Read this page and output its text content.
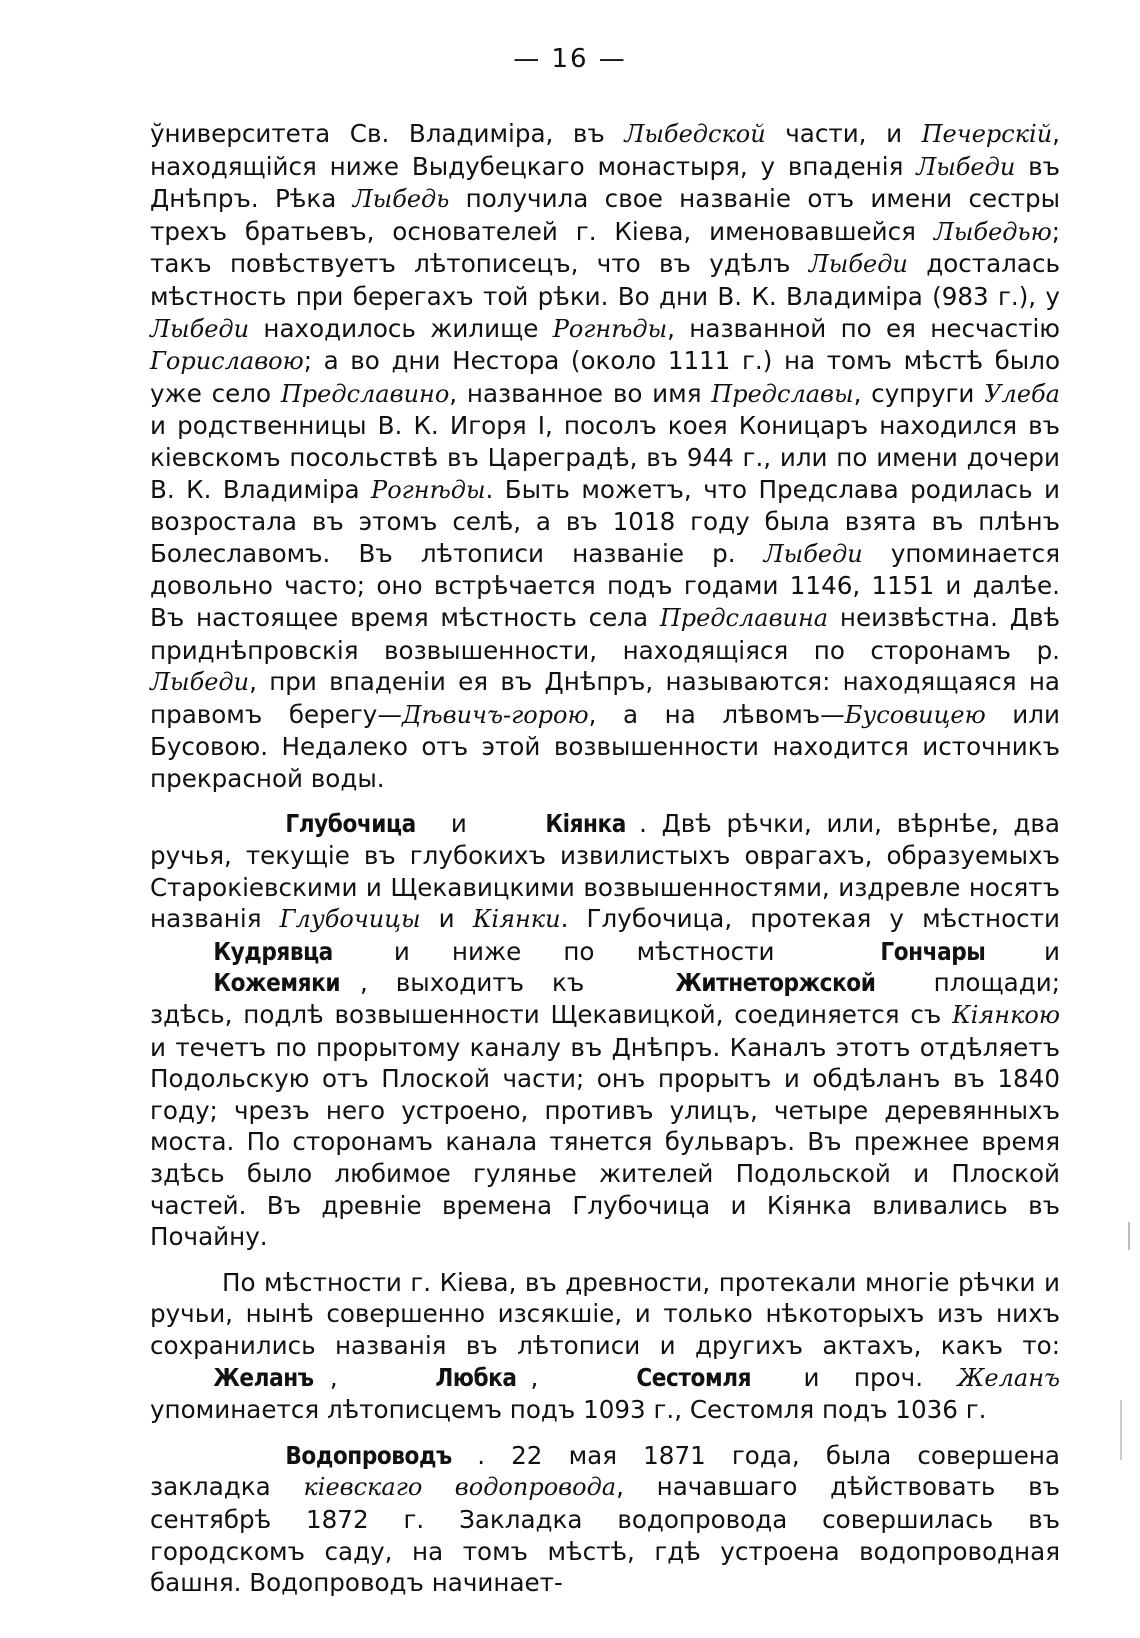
— 16 —

ўниверситета Св. Владиміра, въ Лыбедской части, и Печерскій, находящійся ниже Выдубецкаго монастыря, у впаденія Лыбеди въ Днѣпръ. Рѣка Лыбедь получила свое названіе отъ имени сестры трехъ братьевъ, основателей г. Кіева, именовавшейся Лыбедью; такъ повѣствуетъ лѣтописецъ, что въ удѣлъ Лыбеди досталась мѣстность при берегахъ той рѣки. Во дни В. К. Владиміра (983 г.), у Лыбеди находилось жилище Рогнѣды, названной по ея несчастію Гориславою; а во дни Нестора (около 1111 г.) на томъ мѣстѣ было уже село Предславино, названное во имя Предславы, супруги Улеба и родственницы В. К. Игоря I, посолъ коея Коницаръ находился въ кіевскомъ посольствѣ въ Цареградѣ, въ 944 г., или по имени дочери В. К. Владиміра Рогнѣды. Быть можетъ, что Предслава родилась и возростала въ этомъ селѣ, а въ 1018 году была взята въ плѣнъ Болеславомъ. Въ лѣтописи названіе р. Лыбеди упоминается довольно часто; оно встрѣчается подъ годами 1146, 1151 и далѣе. Въ настоящее время мѣстность села Предславина неизвѣстна. Двѣ приднѣпровскія возвышенности, находящіяся по сторонамъ р. Лыбеди, при впаденіи ея въ Днѣпръ, называются: находящаяся на правомъ берегу—Дѣвичъ-горою, а на лѣвомъ—Бусовицею или Бусовою. Недалеко отъ этой возвышенности находится источникъ прекрасной воды.

Глубочица и	Кіянка . Двѣ рѣчки, или, вѣрнѣе, два ручья, текущіе въ глубокихъ извилистыхъ оврагахъ, образуемыхъ Старокіевскими и Щекавицкими возвышенностями, издревле носятъ названія Глубочицы и Кіянки. Глубочица, протекая у мѣстности Кудрявца и ниже по мѣстности	Гончары и Кожемяки , выходитъ къ	Житнеторжской площади; здѣсь, подлѣ возвышенности Щекавицкой, соединяется съ Кіянкою и течетъ по прорытому каналу въ Днѣпръ. Каналъ этотъ отдѣляетъ Подольскую отъ Плоской части; онъ прорытъ и обдѣланъ въ 1840 году; чрезъ него устроено, противъ улицъ, четыре деревянныхъ моста. По сторонамъ канала тянется бульваръ. Въ прежнее время здѣсь было любимое гулянье жителей Подольской и Плоской частей. Въ древніе времена Глубочица и Кіянка вливались въ Почайну.

По мѣстности г. Кіева, въ древности, протекали многіе рѣчки и ручьи, нынѣ совершенно изсякшіе, и только нѣкоторыхъ изъ нихъ сохранились названія въ лѣтописи и другихъ актахъ, какъ то: Желанъ ,	Любка ,	Сестомля и проч. Желанъ упоминается лѣтописцемъ подъ 1093 г., Сестомля подъ 1036 г.

Водопроводъ . 22 мая 1871 года, была совершена закладка кіевскаго водопровода, начавшаго дѣйствовать въ сентябрѣ 1872 г. Закладка водопровода совершилась въ городскомъ саду, на томъ мѣстѣ, гдѣ устроена водопроводная башня. Водопроводъ начинает-
